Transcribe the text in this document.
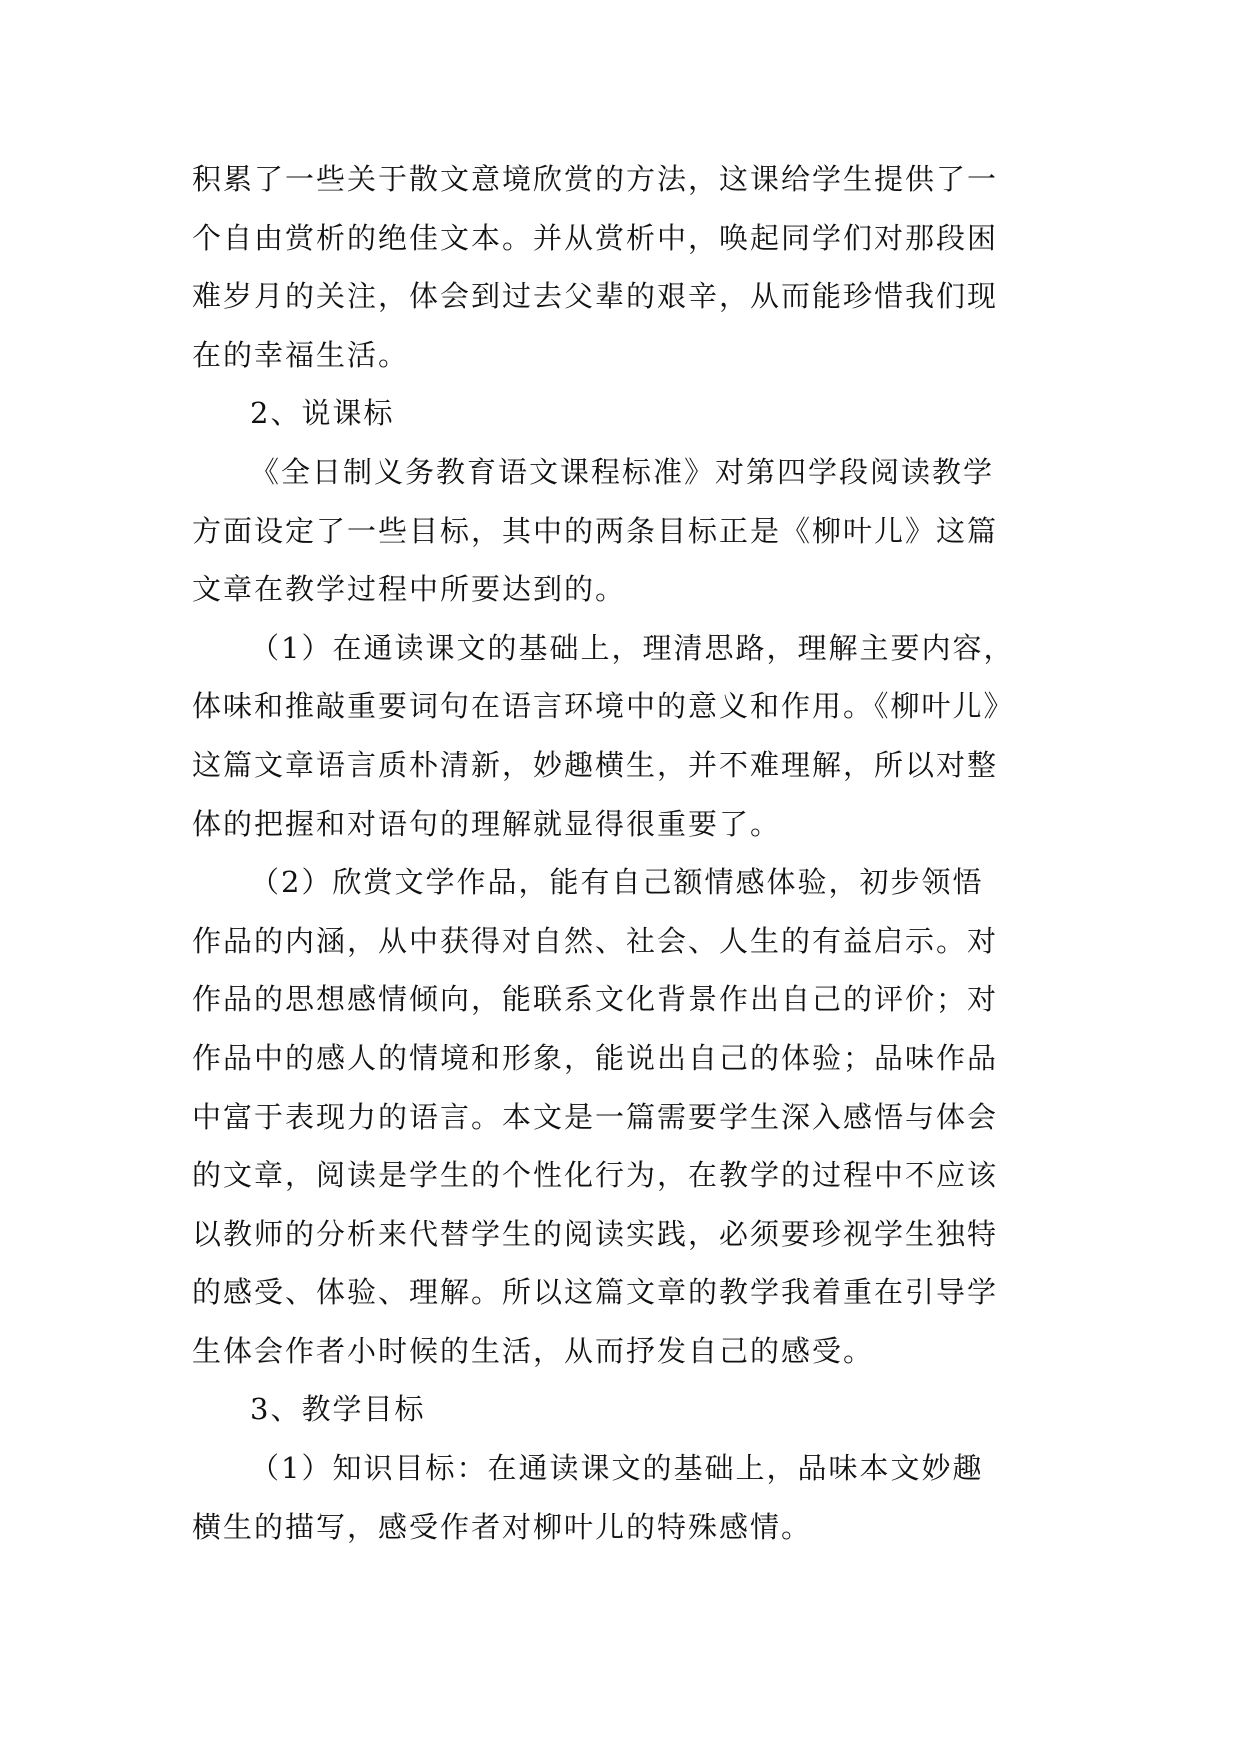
积累了一些关于散文意境欣赏的方法，这课给学生提供了一
个自由赏析的绝佳文本。并从赏析中，唤起同学们对那段困
难岁月的关注，体会到过去父辈的艰辛，从而能珍惜我们现
在的幸福生活。
2、说课标
《全日制义务教育语文课程标准》对第四学段阅读教学
方面设定了一些目标，其中的两条目标正是《柳叶儿》这篇
文章在教学过程中所要达到的。
（1）在通读课文的基础上，理清思路，理解主要内容，
体味和推敲重要词句在语言环境中的意义和作用。《柳叶儿》
这篇文章语言质朴清新，妙趣横生，并不难理解，所以对整
体的把握和对语句的理解就显得很重要了。
（2）欣赏文学作品，能有自己额情感体验，初步领悟
作品的内涵，从中获得对自然、社会、人生的有益启示。对
作品的思想感情倾向，能联系文化背景作出自己的评价；对
作品中的感人的情境和形象，能说出自己的体验；品味作品
中富于表现力的语言。本文是一篇需要学生深入感悟与体会
的文章，阅读是学生的个性化行为，在教学的过程中不应该
以教师的分析来代替学生的阅读实践，必须要珍视学生独特
的感受、体验、理解。所以这篇文章的教学我着重在引导学
生体会作者小时候的生活，从而抒发自己的感受。
3、教学目标
（1）知识目标：在通读课文的基础上，品味本文妙趣
横生的描写，感受作者对柳叶儿的特殊感情。
